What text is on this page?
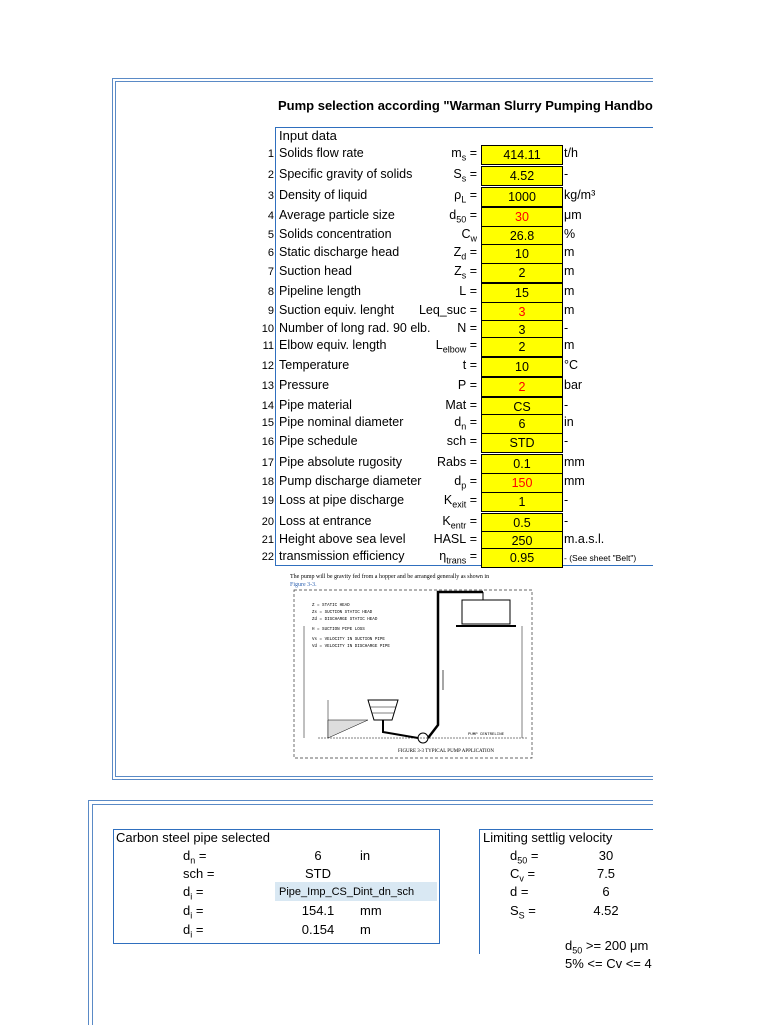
Pump selection according "Warman Slurry Pumping Handbo
Input data
1 Solids flow rate	$m_s$ =	414.11	t/h
2 Specific gravity of solids	$S_s$ =	4.52	-
3 Density of liquid	$\rho_L$ =	1000	kg/m³
4 Average particle size	$d_{50}$ =	30	μm
5 Solids concentration	$C_w$	26.8	%
6 Static discharge head	$Z_d$ =	10	m
7 Suction head	$Z_s$ =	2	m
8 Pipeline length	L =	15	m
9 Suction equiv. lenght Leq_suc =	3	m
10 Number of long rad. 90 elb. N =	3	-
11 Elbow equiv. length	$L_{elbow}$ =	2	m
12 Temperature	t =	10	°C
13 Pressure	P =	2	bar
14 Pipe material	Mat =	CS	-
15 Pipe nominal diameter	$d_n$ =	6	in
16 Pipe schedule	sch =	STD	-
17 Pipe absolute rugosity	Rabs =	0.1	mm
18 Pump discharge diameter	$d_p$ =	150	mm
19 Loss at pipe discharge	$K_{exit}$ =	1	-
20 Loss at entrance	$K_{entr}$ =	0.5	-
21 Height above sea level HASL =	250	m.a.s.l.
22 transmission efficiency	$\eta_{trans}$ =	0.95	- (See sheet "Belt")
The pump will be gravity fed from a hopper and be arranged generally as shown in
Figure 3-3.
Z = STATIC HEAD
Zs = SUCTION STATIC HEAD
Zd = DISCHARGE STATIC HEAD
H = SUCTION PIPE LOSS
Vs = VELOCITY IN SUCTION PIPE
Vd = VELOCITY IN DISCHARGE PIPE
PUMP CENTRELINE
FIGURE 3-3 TYPICAL PUMP APPLICATION
Carbon steel pipe selected
$d_n$ =	6	in
sch =	STD
$d_i$ =	Pipe_Imp_CS_Dint_dn_sch
$d_i$ =	154.1 mm
$d_i$ =	0.154 m
Limiting settlig velocity
$d_{50}$ =	30
$C_v$ =	7.5
d =	6
$S_S$ =	4.52
$d_{50} >= 200$ μm
5% <= Cv <= 4
